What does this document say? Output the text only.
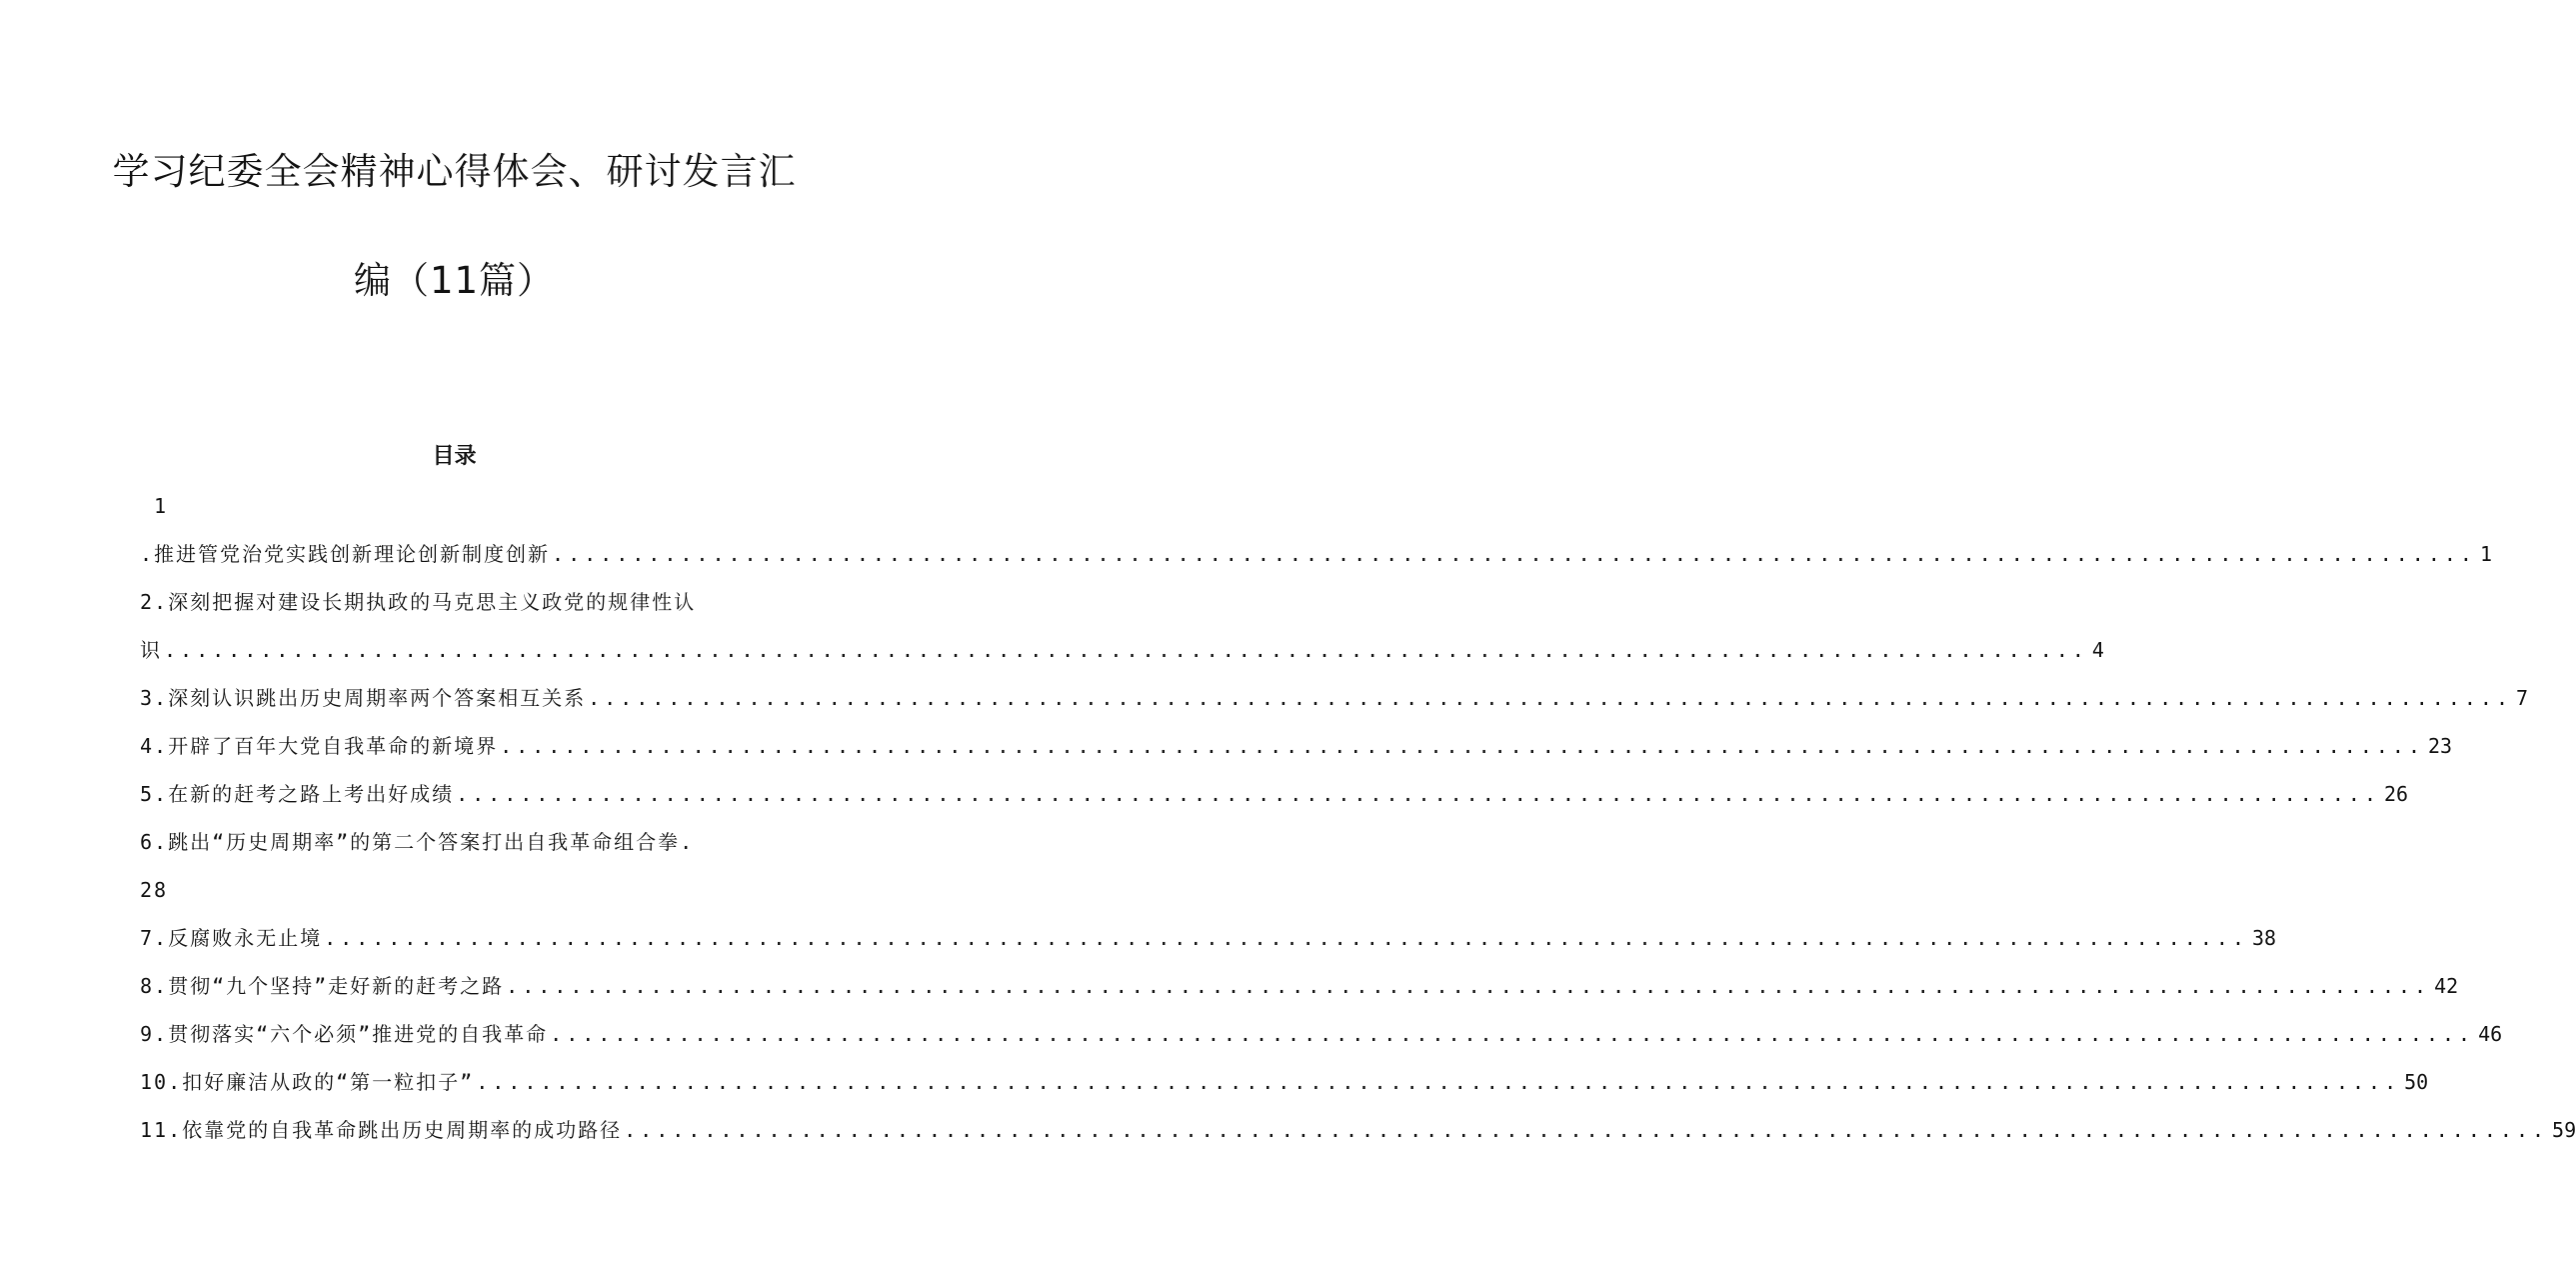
学习纪委全会精神心得体会、研讨发言汇
编（11篇）
目录
1
.推进管党治党实践创新理论创新制度创新 ........................................................................................................................ 1
2.深刻把握对建设长期执政的马克思主义政党的规律性认
识 ........................................................................................................................ 4
3.深刻认识跳出历史周期率两个答案相互关系 ........................................................................................................................ 7
4.开辟了百年大党自我革命的新境界 ........................................................................................................................ 23
5.在新的赶考之路上考出好成绩 ........................................................................................................................ 26
6.跳出“历史周期率”的第二个答案打出自我革命组合拳.
28
7.反腐败永无止境 ........................................................................................................................ 38
8.贯彻“九个坚持”走好新的赶考之路 ........................................................................................................................ 42
9.贯彻落实“六个必须”推进党的自我革命 ........................................................................................................................ 46
10.扣好廉洁从政的“第一粒扣子” ........................................................................................................................ 50
11.依靠党的自我革命跳出历史周期率的成功路径 ........................................................................................................................ 59
